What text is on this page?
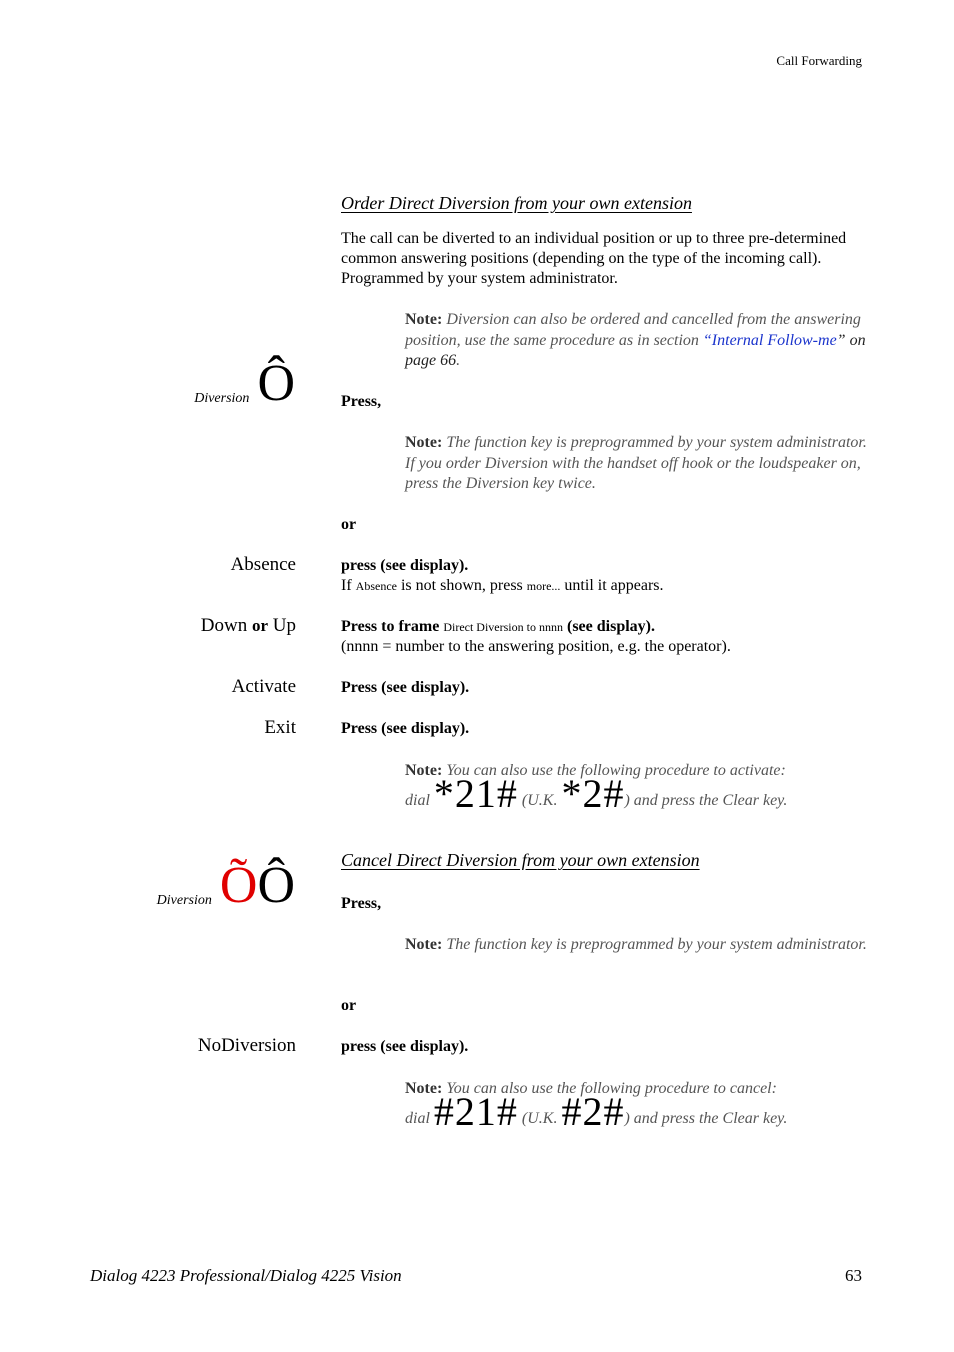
Call Forwarding
Order Direct Diversion from your own extension
The call can be diverted to an individual position or up to three pre-determined common answering positions (depending on the type of the incoming call). Programmed by your system administrator.
Note: Diversion can also be ordered and cancelled from the answering position, use the same procedure as in section “Internal Follow-me” on page 66.
Diversion Ô	Press,
Note: The function key is preprogrammed by your system administrator. If you order Diversion with the handset off hook or the loudspeaker on, press the Diversion key twice.
or
Absence	press (see display).
If Absence is not shown, press more... until it appears.
Down or Up	Press to frame Direct Diversion to nnnn (see display).
(nnnn = number to the answering position, e.g. the operator).
Activate	Press (see display).
Exit	Press (see display).
Note: You can also use the following procedure to activate:
dial *21# (U.K. *2#) and press the Clear key.
Cancel Direct Diversion from your own extension
Diversion ÕÔ	Press,
Note: The function key is preprogrammed by your system administrator.
or
NoDiversion	press (see display).
Note: You can also use the following procedure to cancel:
dial #21# (U.K. #2#) and press the Clear key.
Dialog 4223 Professional/Dialog 4225 Vision	63
